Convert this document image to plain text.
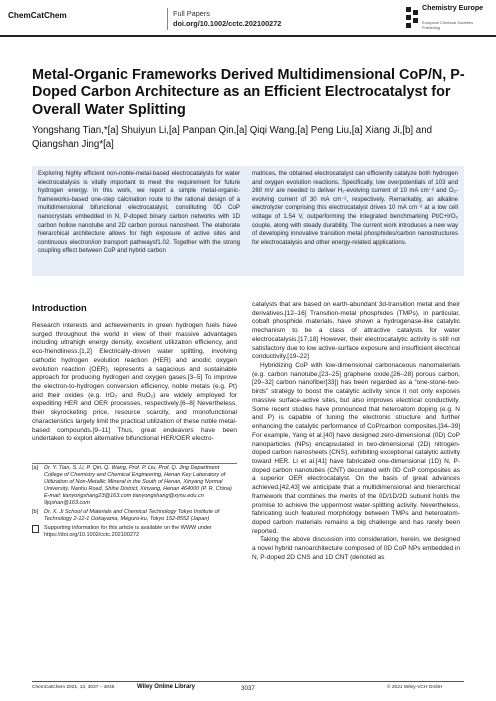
ChemCatChem	Full Papers
doi.org/10.1002/cctc.202100272
Chemistry Europe
European Chemical Societies Publishing
Metal-Organic Frameworks Derived Multidimensional CoP/N, P-Doped Carbon Architecture as an Efficient Electrocatalyst for Overall Water Splitting
Yongshang Tian,*[a] Shuiyun Li,[a] Panpan Qin,[a] Qiqi Wang,[a] Peng Liu,[a] Xiang Ji,[b] and Qiangshan Jing*[a]
Exploring highly efficient non-noble-metal-based electrocatalysts for water electrocatalysis is vitally important to meet the requirement for future hydrogen energy. In this work, we report a simple metal-organic-frameworks-based one-step calcination route to the rational design of a multidimensional bifunctional electrocatalyst, constituting 0D CoP nanocrystals embedded in N, P-doped binary carbon networks with 1D carbon hollow nanotube and 2D carbon porous nanosheet. The elaborate hierarchical architecture allows for high exposure of active sites and continuous electron/ion transport pathwaysf1.02. Together with the strong coupling effect between CoP and hybrid carbon
matrices, the obtained electrocatalyst can efficiently catalyze both hydrogen and oxygen evolution reactions. Specifically, low overpotentials of 103 and 260 mV are needed to deliver H₂-evolving current of 10 mA cm⁻² and O₂-evolving current of 30 mA cm⁻², respectively. Remarkably, an alkaline electrolyzer comprising this electrocatalyst drives 10 mA cm⁻² at a low cell voltage of 1.54 V, outperforming the integrated benchmarking Pt/C+IrO₂ couple, along with steady durability. The current work introduces a new way of developing innovative transition metal phosphides/carbon nanostructures for electrocatalysis and other energy-related applications.
Introduction

Research interests and achievements in green hydrogen fuels have surged throughout the world in view of their massive advantages including ultrahigh energy density, excellent utilization efficiency, and eco-friendliness.[1,2] Electrically-driven water splitting, involving cathodic hydrogen evolution reaction (HER) and anodic oxygen evolution reaction (OER), represents a sagacious and sustainable approach for producing hydrogen and oxygen gases.[3–5] To improve the electron-to-hydrogen conversion efficiency, noble metals (e.g. Pt) and their oxides (e.g. IrO₂ and RuO₂) are widely employed for expediting HER and OER processes, respectively.[6–8] Nevertheless, their skyrocketing price, resource scarcity, and monofunctional characteristics largely limit the practical utilization of these noble metal-based compounds.[9–11] Thus, great endeavors have been undertaken to exploit alternative bifunctional HER/OER electro-

catalysts that are based on earth-abundant 3d-transition metal and their derivatives.[12–16] Transition-metal phosphides (TMPs), in particular, cobalt phosphide materials, have shown a hydrogenase-like catalytic mechanism to be a class of attractive catalysts for water electrocatalysis.[17,18] However, their electrocatalytic activity is still not satisfactory due to low active-surface exposure and insufficient electrical conductivity.[19–22]

Hybridizing CoP with low-dimensional carbonaceous nanomaterials (e.g. carbon nanotube,[23–25] graphene oxide,[26–28] porous carbon,[29–32] carbon nanofiber[33]) has been regarded as a “one-stone-two-birds” strategy to boost the catalytic activity since it not only exposes massive surface-active sites, but also improves electrical conductivity. Some recent studies have pronounced that heteroatom doping (e.g. N and P) is capable of tuning the electronic structure and further enhancing the catalytic performance of CoP/carbon composites.[34–39] For example, Yang et al.[40] have designed zero-dimensional (0D) CoP nanoparticles (NPs) encapsulated in two-dimensional (2D) nitrogen-doped carbon nanosheets (CNS), exhibiting exceptional catalytic activity toward HER. Li et al.[41] have fabricated one-dimensional (1D) N, P-doped carbon nanotubes (CNT) decorated with 0D CoP composites as a superior OER electrocatalyst. On the basis of great advances achieved,[42,43] we anticipate that a multidimensional and hierarchical framework that combines the merits of the 0D/1D/2D subunit holds the promise to achieve the uppermost water-splitting activity. Nevertheless, fabricating such featured morphology between TMPs and heteroatom-doped carbon materials remains a big challenge and has rarely been reported.

Taking the above discussion into consideration, herein, we designed a novel hybrid nanoarchitecture composed of 0D CoP NPs embedded in N, P-doped 2D CNS and 1D CNT (denoted as

[a]	Dr. Y. Tian, S. Li, P. Qin, Q. Wang, Prof. P. Liu, Prof. Q. Jing Department College of Chemistry and Chemical Engineering, Henan Key Laboratory of Utilization of Non-Metallic Mineral in the South of Henan, Xinyang Normal University, Nanhu Road, Shihe District, Xinyang, Henan 464000 (P. R. China) E-mail: tianyongshang23@163.com tianyongshang@xynu.edu.cn 9jqshan@163.com
[b]	Dr. X. Ji School of Materials and Chemical Technology Tokyo Institute of Technology 2-12-1 Ookayama, Meguro-ku, Tokyo 152-8552 (Japan)
Supporting information for this article is available on the WWW under https://doi.org/10.1002/cctc.202100272
ChemCatChem 2021, 13, 3037 – 3045	Wiley Online Library	3037	© 2021 Wiley-VCH GmbH
